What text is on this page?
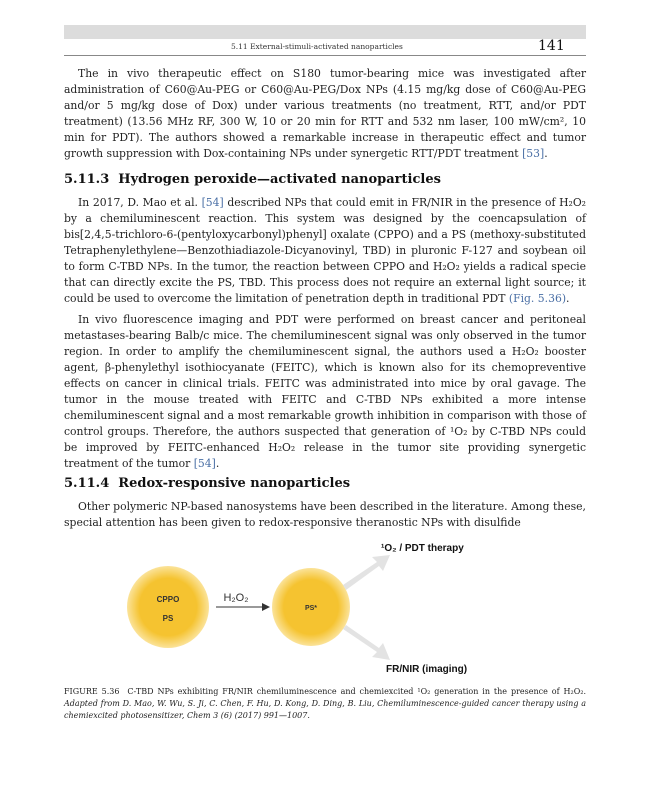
5.11 External-stimuli-activated nanoparticles	141

The in vivo therapeutic effect on S180 tumor-bearing mice was investigated after administration of C60@Au-PEG or C60@Au-PEG/Dox NPs (4.15 mg/kg dose of C60@Au-PEG and/or 5 mg/kg dose of Dox) under various treatments (no treatment, RTT, and/or PDT treatment) (13.56 MHz RF, 300 W, 10 or 20 min for RTT and 532 nm laser, 100 mW/cm², 10 min for PDT). The authors showed a remarkable increase in therapeutic effect and tumor growth suppression with Dox-containing NPs under synergetic RTT/PDT treatment [53].

5.11.3 Hydrogen peroxide—activated nanoparticles

In 2017, D. Mao et al. [54] described NPs that could emit in FR/NIR in the presence of H₂O₂ by a chemiluminescent reaction. This system was designed by the coencapsulation of bis[2,4,5-trichloro-6-(pentyloxycarbonyl)phenyl] oxalate (CPPO) and a PS (methoxy-substituted Tetraphenylethylene—Benzothiadiazole-Dicyanovinyl, TBD) in pluronic F-127 and soybean oil to form C-TBD NPs. In the tumor, the reaction between CPPO and H₂O₂ yields a radical specie that can directly excite the PS, TBD. This process does not require an external light source; it could be used to overcome the limitation of penetration depth in traditional PDT (Fig. 5.36).

In vivo fluorescence imaging and PDT were performed on breast cancer and peritoneal metastases-bearing Balb/c mice. The chemiluminescent signal was only observed in the tumor region. In order to amplify the chemiluminescent signal, the authors used a H₂O₂ booster agent, β-phenylethyl isothiocyanate (FEITC), which is known also for its chemopreventive effects on cancer in clinical trials. FEITC was administrated into mice by oral gavage. The tumor in the mouse treated with FEITC and C-TBD NPs exhibited a more intense chemiluminescent signal and a most remarkable growth inhibition in comparison with those of control groups. Therefore, the authors suspected that generation of ¹O₂ by C-TBD NPs could be improved by FEITC-enhanced H₂O₂ release in the tumor site providing synergetic treatment of the tumor [54].

5.11.4 Redox-responsive nanoparticles

Other polymeric NP-based nanosystems have been described in the literature. Among these, special attention has been given to redox-responsive theranostic NPs with disulfide

CPPO
PS
H₂O₂
PS*
¹O₂ / PDT therapy
FR/NIR (imaging)
FIGURE 5.36 C-TBD NPs exhibiting FR/NIR chemiluminescence and chemiexcited ¹O₂ generation in the presence of H₂O₂. Adapted from D. Mao, W. Wu, S. Ji, C. Chen, F. Hu, D. Kong, D. Ding, B. Liu, Chemiluminescence-guided cancer therapy using a chemiexcited photosensitizer, Chem 3 (6) (2017) 991—1007.
